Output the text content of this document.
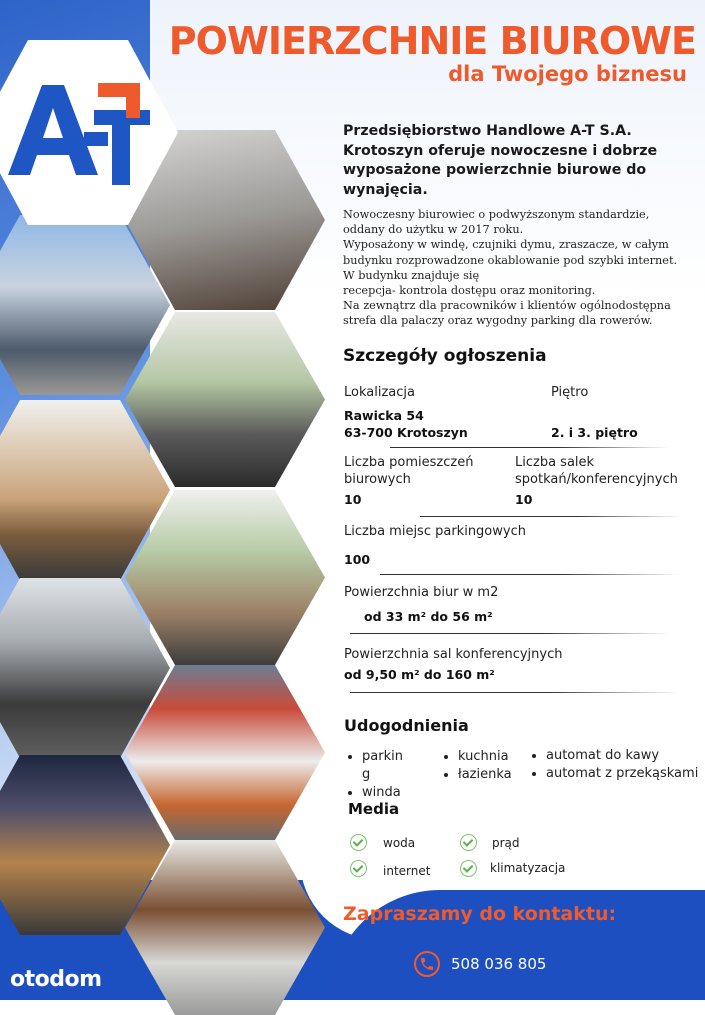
POWIERZCHNIE BIUROWE
dla Twojego biznesu
Przedsiębiorstwo Handlowe A-T S.A. Krotoszyn oferuje nowoczesne i dobrze wyposażone powierzchnie biurowe do wynajęcia.
Nowoczesny biurowiec o podwyższonym standardzie,
oddany do użytku w 2017 roku.
Wyposażony w windę, czujniki dymu, zraszacze, w całym
budynku rozprowadzone okablowanie pod szybki internet.
W budynku znajduje się
recepcja- kontrola dostępu oraz monitoring.
Na zewnątrz dla pracowników i klientów ogólnodostępna
strefa dla palaczy oraz wygodny parking dla rowerów.
Szczegóły ogłoszenia
Lokalizacja
Rawicka 54
63-700 Krotoszyn
Piętro
2. i 3. piętro
Liczba pomieszczeń
biurowych
10
Liczba salek
spotkań/konferencyjnych
10
Liczba miejsc parkingowych
100
Powierzchnia biur w m2
od 33 m² do 56 m²
Powierzchnia sal konferencyjnych
od 9,50 m² do 160 m²
Udogodnienia
• parkin
g
• winda
• kuchnia
• łazienka
• automat do kawy
• automat z przekąskami
Media
woda	prąd
internet	klimatyzacja
Zapraszamy do kontaktu:
508 036 805
otodom
